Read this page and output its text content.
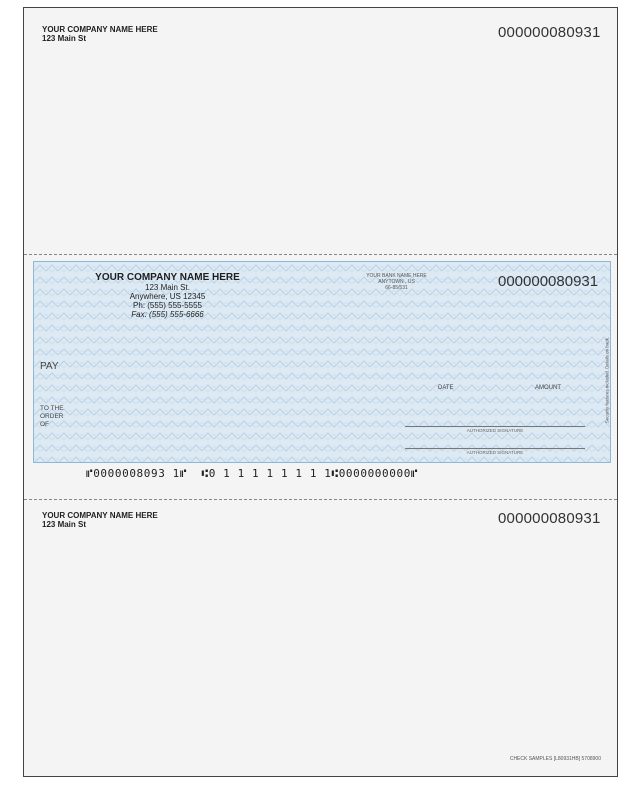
YOUR COMPANY NAME HERE
123 Main St	000000080931
YOUR COMPANY NAME HERE
123 Main St.
Anywhere, US 12345
Ph: (555) 555-5555
Fax: (555) 555-6666
YOUR BANK NAME HERE
ANYTOWN , US
66-85/531	000000080931
PAY
TO THE
ORDER
OF
DATE	AMOUNT
AUTHORIZED SIGNATURE
AUTHORIZED SIGNATURE
Security features included. Details on back.
⑈0000008093 1⑈  ⑆0 1 1 1 1 1 1 1 1⑆0000000000⑈
YOUR COMPANY NAME HERE
123 Main St	000000080931
CHECK SAMPLES [L80931HB] 5708900
